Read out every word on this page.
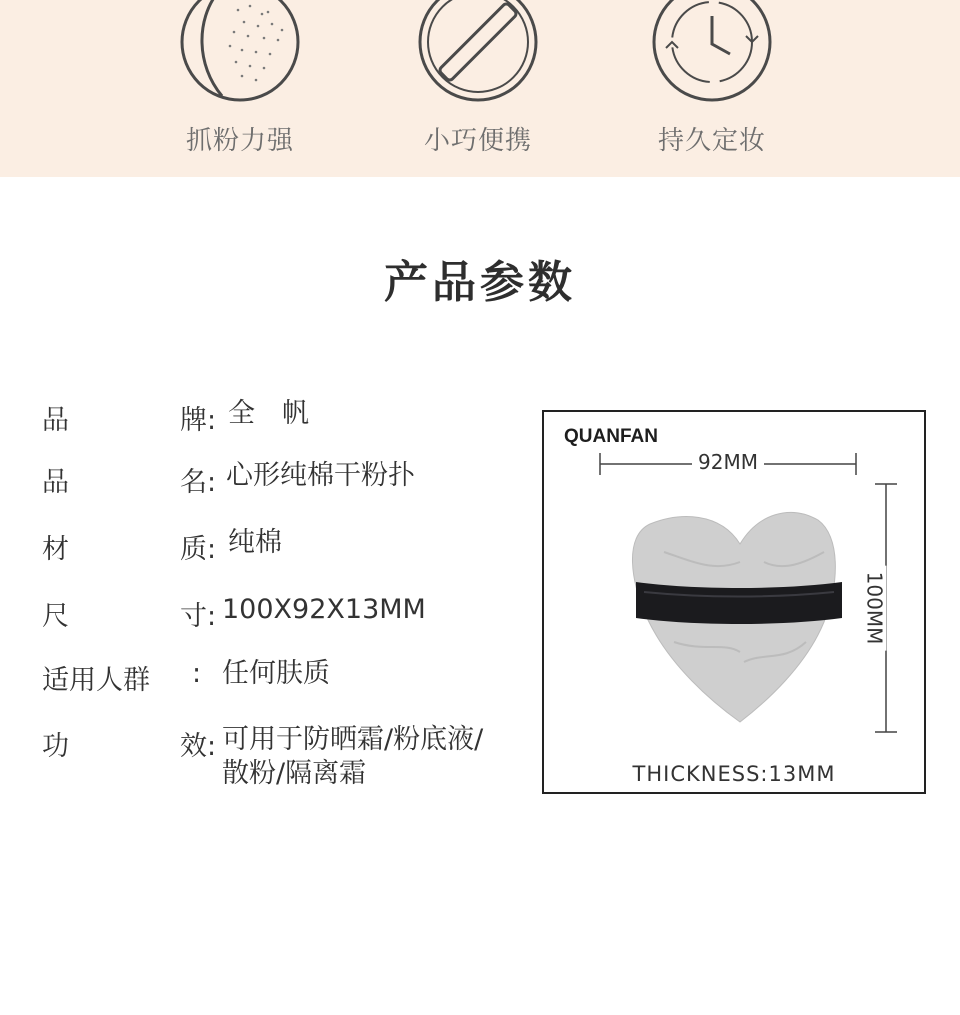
抓粉力强	小巧便携	持久定妆
产品参数
品	牌: 全　帆
品	名: 心形纯棉干粉扑
材	质: 纯棉
尺	寸: 100X92X13MM
适用人群 : 任何肤质
功	效: 可用于防晒霜/粉底液/
散粉/隔离霜
QUANFAN
92MM
100MM
THICKNESS:13MM
